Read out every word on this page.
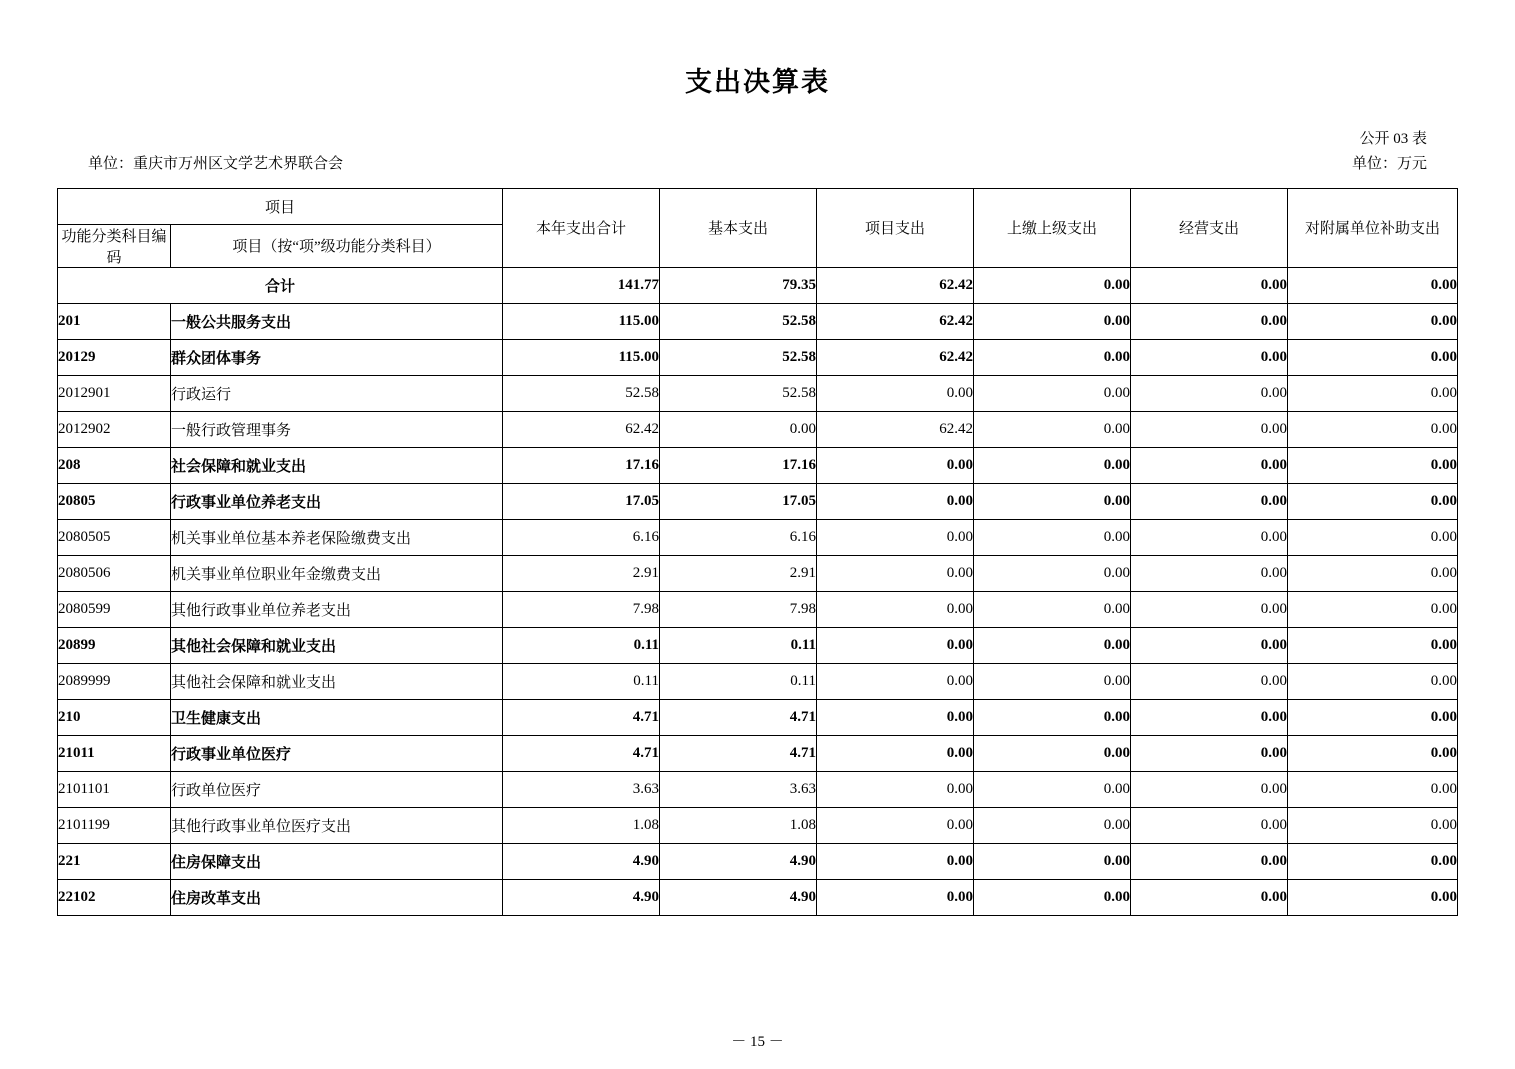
支出决算表
公开 03 表
单位：重庆市万州区文学艺术界联合会	单位：万元
项目		本年支出合计	基本支出	项目支出	上缴上级支出	经营支出	对附属单位补助支出
功能分类科目编码	项目（按“项”级功能分类科目）						
合计		141.77	79.35	62.42	0.00	0.00	0.00
201	一般公共服务支出	115.00	52.58	62.42	0.00	0.00	0.00
20129	群众团体事务	115.00	52.58	62.42	0.00	0.00	0.00
2012901	行政运行	52.58	52.58	0.00	0.00	0.00	0.00
2012902	一般行政管理事务	62.42	0.00	62.42	0.00	0.00	0.00
208	社会保障和就业支出	17.16	17.16	0.00	0.00	0.00	0.00
20805	行政事业单位养老支出	17.05	17.05	0.00	0.00	0.00	0.00
2080505	机关事业单位基本养老保险缴费支出	6.16	6.16	0.00	0.00	0.00	0.00
2080506	机关事业单位职业年金缴费支出	2.91	2.91	0.00	0.00	0.00	0.00
2080599	其他行政事业单位养老支出	7.98	7.98	0.00	0.00	0.00	0.00
20899	其他社会保障和就业支出	0.11	0.11	0.00	0.00	0.00	0.00
2089999	其他社会保障和就业支出	0.11	0.11	0.00	0.00	0.00	0.00
210	卫生健康支出	4.71	4.71	0.00	0.00	0.00	0.00
21011	行政事业单位医疗	4.71	4.71	0.00	0.00	0.00	0.00
2101101	行政单位医疗	3.63	3.63	0.00	0.00	0.00	0.00
2101199	其他行政事业单位医疗支出	1.08	1.08	0.00	0.00	0.00	0.00
221	住房保障支出	4.90	4.90	0.00	0.00	0.00	0.00
22102	住房改革支出	4.90	4.90	0.00	0.00	0.00	0.00
－ 15 －
